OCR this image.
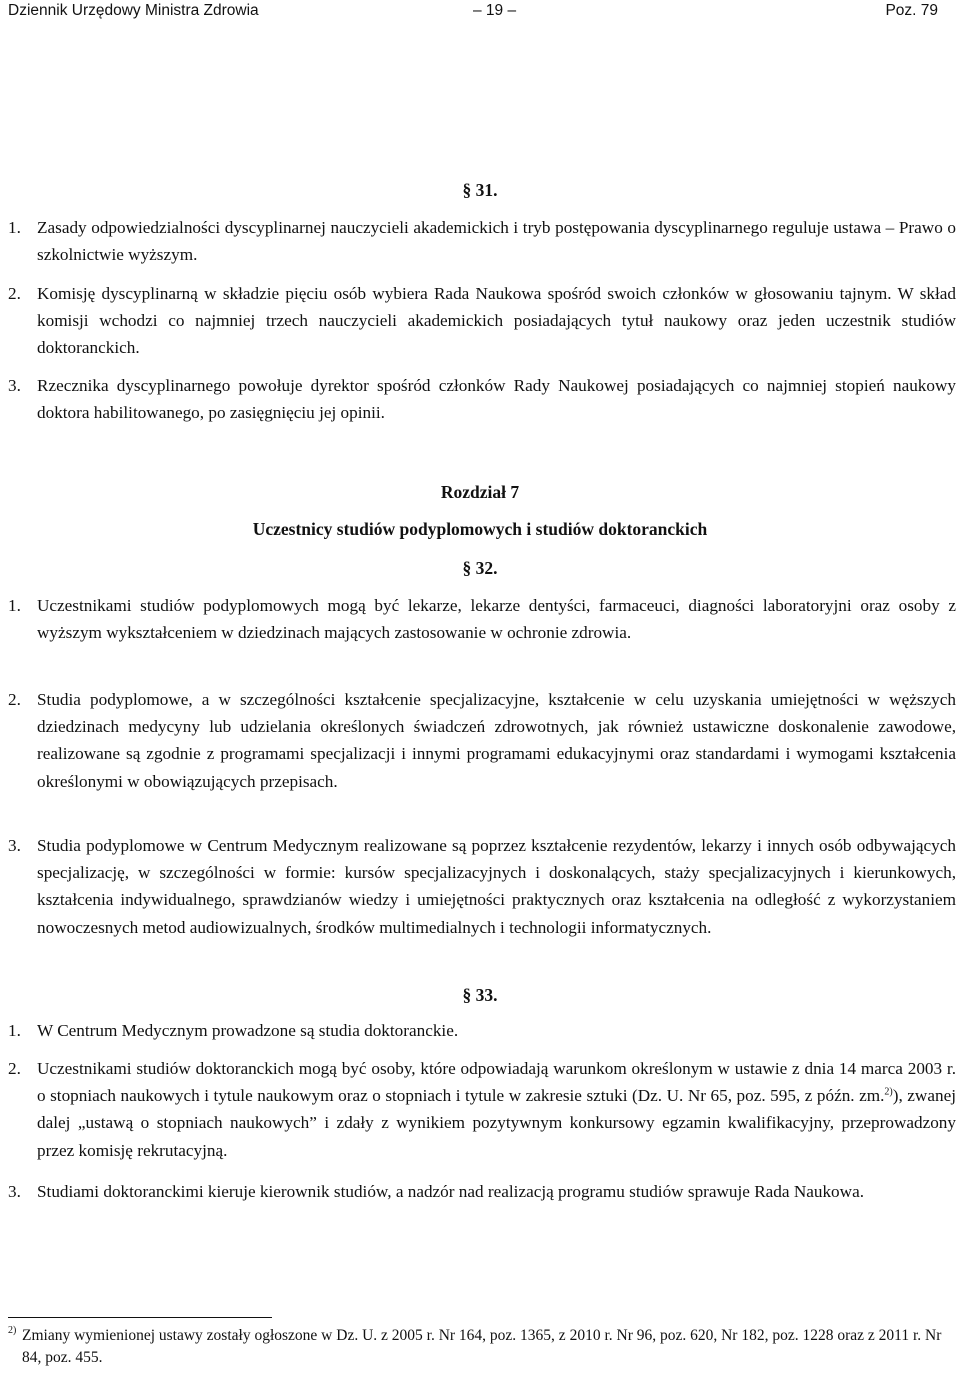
Dziennik Urzędowy Ministra Zdrowia	– 19 –	Poz. 79
§ 31.
1. Zasady odpowiedzialności dyscyplinarnej nauczycieli akademickich i tryb postępowania dyscyplinarnego reguluje ustawa – Prawo o szkolnictwie wyższym.
2. Komisję dyscyplinarną w składzie pięciu osób wybiera Rada Naukowa spośród swoich członków w głosowaniu tajnym. W skład komisji wchodzi co najmniej trzech nauczycieli akademickich posiadających tytuł naukowy oraz jeden uczestnik studiów doktoranckich.
3. Rzecznika dyscyplinarnego powołuje dyrektor spośród członków Rady Naukowej posiadających co najmniej stopień naukowy doktora habilitowanego, po zasięgnięciu jej opinii.
Rozdział 7
Uczestnicy studiów podyplomowych i studiów doktoranckich
§ 32.
1. Uczestnikami studiów podyplomowych mogą być lekarze, lekarze dentyści, farmaceuci, diagności laboratoryjni oraz osoby z wyższym wykształceniem w dziedzinach mających zastosowanie w ochronie zdrowia.
2. Studia podyplomowe, a w szczególności kształcenie specjalizacyjne, kształcenie w celu uzyskania umiejętności w węższych dziedzinach medycyny lub udzielania określonych świadczeń zdrowotnych, jak również ustawiczne doskonalenie zawodowe, realizowane są zgodnie z programami specjalizacji i innymi programami edukacyjnymi oraz standardami i wymogami kształcenia określonymi w obowiązujących przepisach.
3. Studia podyplomowe w Centrum Medycznym realizowane są poprzez kształcenie rezydentów, lekarzy i innych osób odbywających specjalizację, w szczególności w formie: kursów specjalizacyjnych i doskonalących, staży specjalizacyjnych i kierunkowych, kształcenia indywidualnego, sprawdzianów wiedzy i umiejętności praktycznych oraz kształcenia na odległość z wykorzystaniem nowoczesnych metod audiowizualnych, środków multimedialnych i technologii informatycznych.
§ 33.
1. W Centrum Medycznym prowadzone są studia doktoranckie.
2. Uczestnikami studiów doktoranckich mogą być osoby, które odpowiadają warunkom określonym w ustawie z dnia 14 marca 2003 r. o stopniach naukowych i tytule naukowym oraz o stopniach i tytule w zakresie sztuki (Dz. U. Nr 65, poz. 595, z późn. zm.$^{2)}$), zwanej dalej „ustawą o stopniach naukowych” i zdały z wynikiem pozytywnym konkursowy egzamin kwalifikacyjny, przeprowadzony przez komisję rekrutacyjną.
3. Studiami doktoranckimi kieruje kierownik studiów, a nadzór nad realizacją programu studiów sprawuje Rada Naukowa.
2) Zmiany wymienionej ustawy zostały ogłoszone w Dz. U. z 2005 r. Nr 164, poz. 1365, z 2010 r. Nr 96, poz. 620, Nr 182, poz. 1228 oraz z 2011 r. Nr 84, poz. 455.
